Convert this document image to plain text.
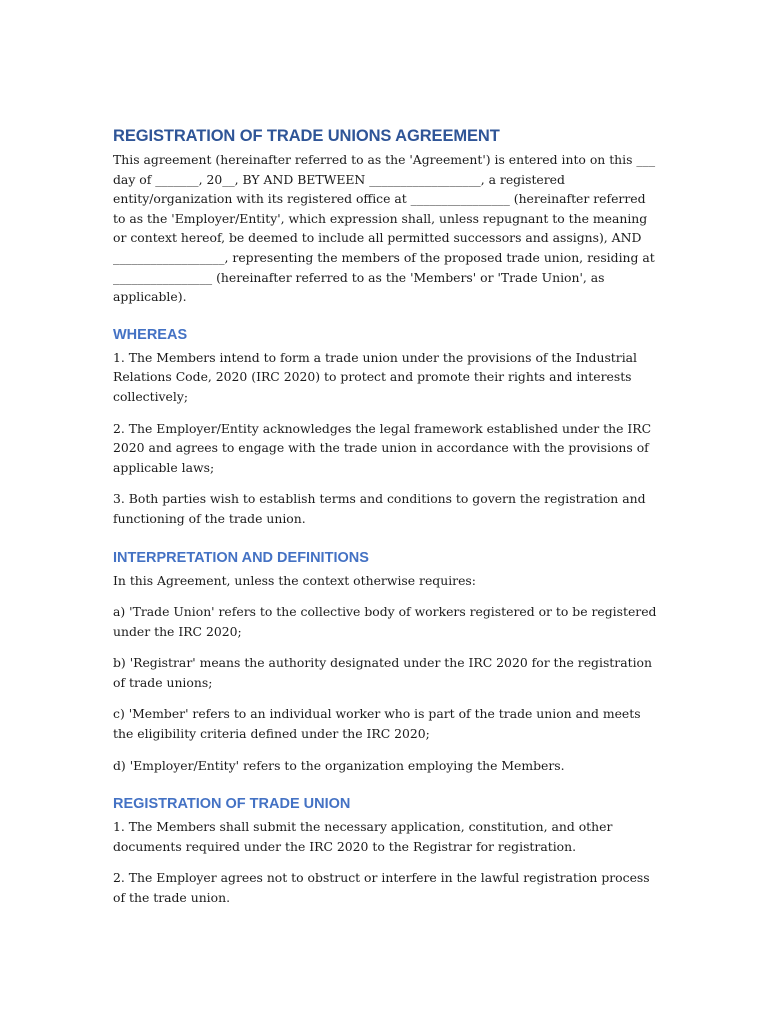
REGISTRATION OF TRADE UNIONS AGREEMENT

This agreement (hereinafter referred to as the 'Agreement') is entered into on this ___ day of _______, 20__, BY AND BETWEEN __________________, a registered entity/organization with its registered office at ________________ (hereinafter referred to as the 'Employer/Entity', which expression shall, unless repugnant to the meaning or context hereof, be deemed to include all permitted successors and assigns), AND __________________, representing the members of the proposed trade union, residing at ________________ (hereinafter referred to as the 'Members' or 'Trade Union', as applicable).

WHEREAS

1. The Members intend to form a trade union under the provisions of the Industrial Relations Code, 2020 (IRC 2020) to protect and promote their rights and interests collectively;

2. The Employer/Entity acknowledges the legal framework established under the IRC 2020 and agrees to engage with the trade union in accordance with the provisions of applicable laws;

3. Both parties wish to establish terms and conditions to govern the registration and functioning of the trade union.

INTERPRETATION AND DEFINITIONS

In this Agreement, unless the context otherwise requires:

a) 'Trade Union' refers to the collective body of workers registered or to be registered under the IRC 2020;

b) 'Registrar' means the authority designated under the IRC 2020 for the registration of trade unions;

c) 'Member' refers to an individual worker who is part of the trade union and meets the eligibility criteria defined under the IRC 2020;

d) 'Employer/Entity' refers to the organization employing the Members.

REGISTRATION OF TRADE UNION

1. The Members shall submit the necessary application, constitution, and other documents required under the IRC 2020 to the Registrar for registration.

2. The Employer agrees not to obstruct or interfere in the lawful registration process of the trade union.
